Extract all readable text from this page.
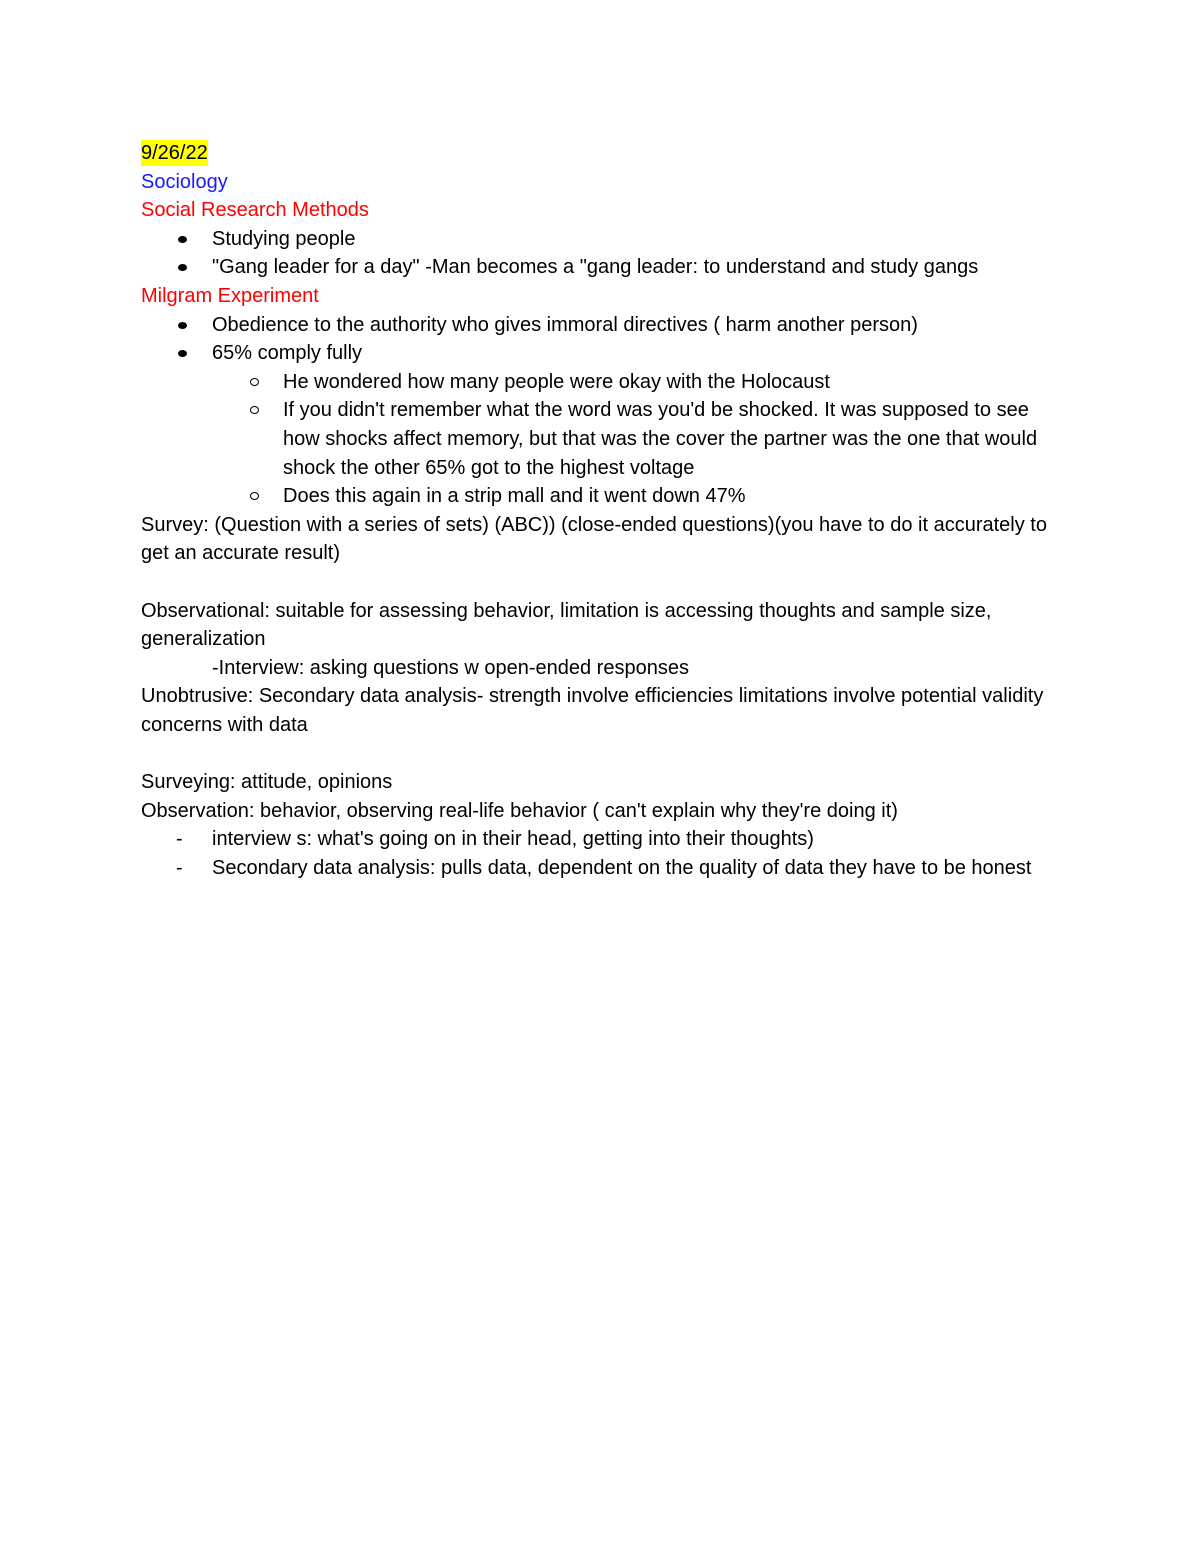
9/26/22
Sociology
Social Research Methods
Studying people
"Gang leader for a day" -Man becomes a "gang leader: to understand and study gangs
Milgram Experiment
Obedience to the authority who gives immoral directives ( harm another person)
65% comply fully
He wondered how many people were okay with the Holocaust
If you didn't remember what the word was you'd be shocked. It was supposed to see how shocks affect memory, but that was the cover the partner was the one that would shock the other 65% got to the highest voltage
Does this again in a strip mall and it went down 47%
Survey: (Question with a series of sets) (ABC)) (close-ended questions)(you have to do it accurately to get an accurate result)
Observational: suitable for assessing behavior, limitation is accessing thoughts and sample size, generalization
-Interview: asking questions w open-ended responses
Unobtrusive: Secondary data analysis- strength involve efficiencies limitations involve potential validity concerns with data
Surveying: attitude, opinions
Observation: behavior, observing real-life behavior ( can't explain why they're doing it)
- interview s: what's going on in their head, getting into their thoughts)
- Secondary data analysis: pulls data, dependent on the quality of data they have to be honest
